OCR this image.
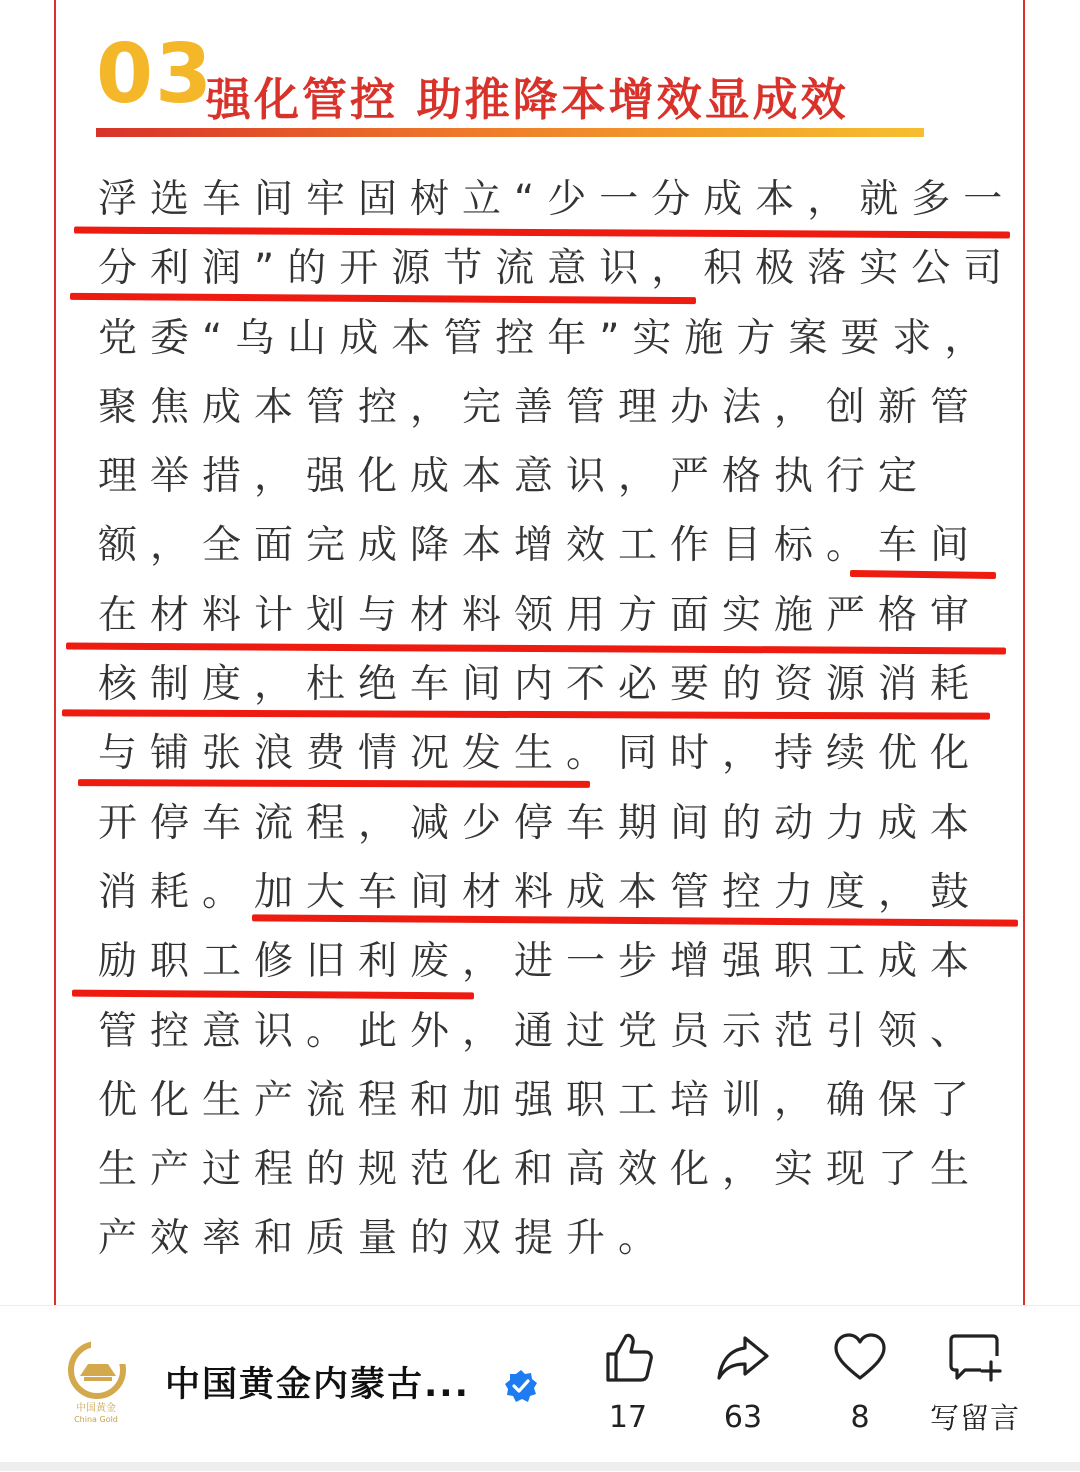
03
强化管控 助推降本增效显成效
浮选车间牢固树立“少一分成本，就多一
分利润”的开源节流意识，积极落实公司
党委“乌山成本管控年”实施方案要求，
聚焦成本管控，完善管理办法，创新管
理举措，强化成本意识，严格执行定
额，全面完成降本增效工作目标。车间
在材料计划与材料领用方面实施严格审
核制度，杜绝车间内不必要的资源消耗
与铺张浪费情况发生。同时，持续优化
开停车流程，减少停车期间的动力成本
消耗。加大车间材料成本管控力度，鼓
励职工修旧利废，进一步增强职工成本
管控意识。此外，通过党员示范引领、
优化生产流程和加强职工培训，确保了
生产过程的规范化和高效化，实现了生
产效率和质量的双提升。
中国黄金
China Gold
中国黄金内蒙古...
17	63	8	写留言
